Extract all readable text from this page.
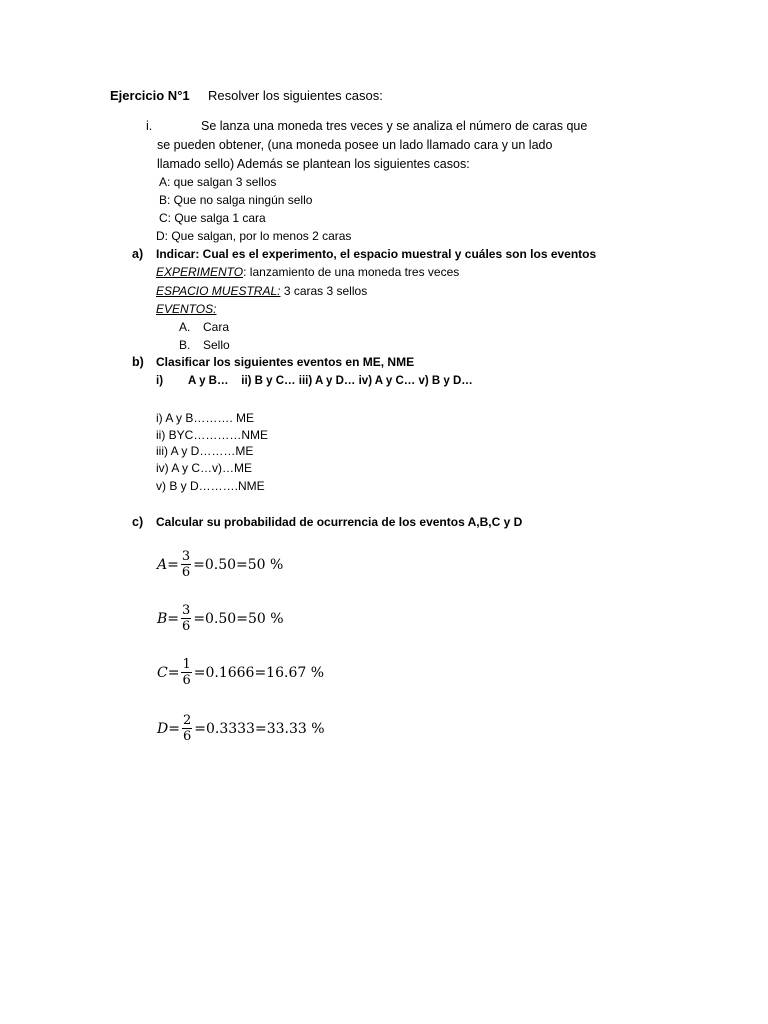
Ejercicio N°1 Resolver los siguientes casos:
i.	Se lanza una moneda tres veces y se analiza el número de caras que
se pueden obtener, (una moneda posee un lado llamado cara y un lado
llamado sello) Además se plantean los siguientes casos:
A: que salgan 3 sellos
B: Que no salga ningún sello
C: Que salga 1 cara
D: Que salgan, por lo menos 2 caras
a) Indicar: Cual es el experimento, el espacio muestral y cuáles son los eventos
EXPERIMENTO: lanzamiento de una moneda tres veces
ESPACIO MUESTRAL: 3 caras 3 sellos
EVENTOS:
A. Cara
B. Sello
b) Clasificar los siguientes eventos en ME, NME
i) A y B…    ii) B y C… iii) A y D… iv) A y C… v) B y D…
i) A y B………. ME
ii) BYC…………NME
iii) A y D………ME
iv) A y C…v)…ME
v) B y D……….NME
c) Calcular su probabilidad de ocurrencia de los eventos A,B,C y D
$A = \frac{3}{6} =0.50=50$ %
$B = \frac{3}{6} =0.50=50$ %
$C = \frac{1}{6} =0.1666=16.67$ %
$D = \frac{2}{6} =0.3333=33.33$ %
